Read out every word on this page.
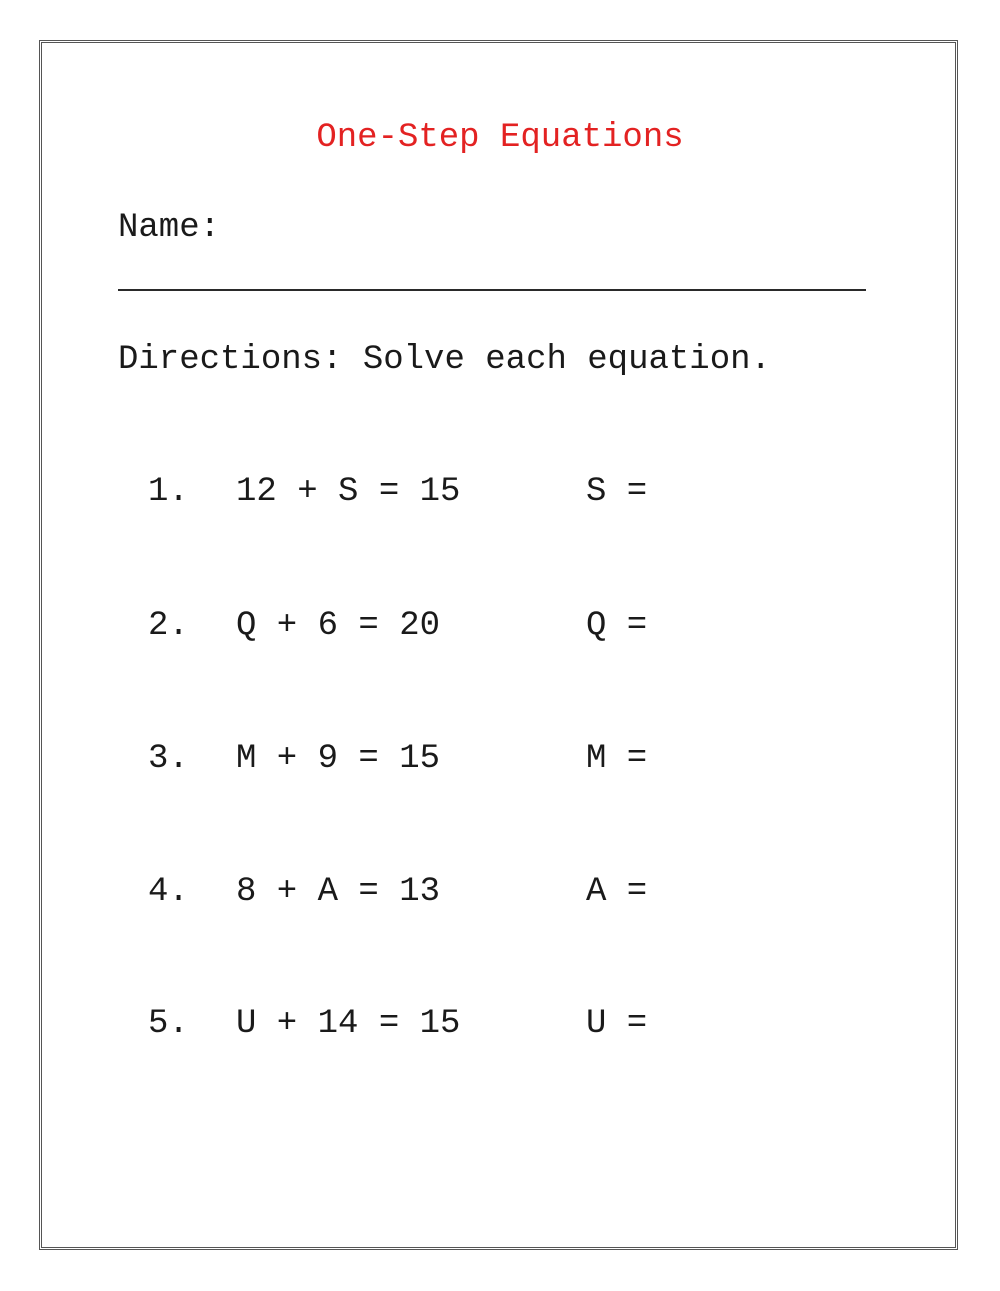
One-Step Equations
Name:
Directions: Solve each equation.

1.

12 + S = 15

	S =

2.

Q + 6 = 20

	Q =

3.

M + 9 = 15

	M =

4.

8 + A = 13

	A =

5.

U + 14 = 15

	U =
